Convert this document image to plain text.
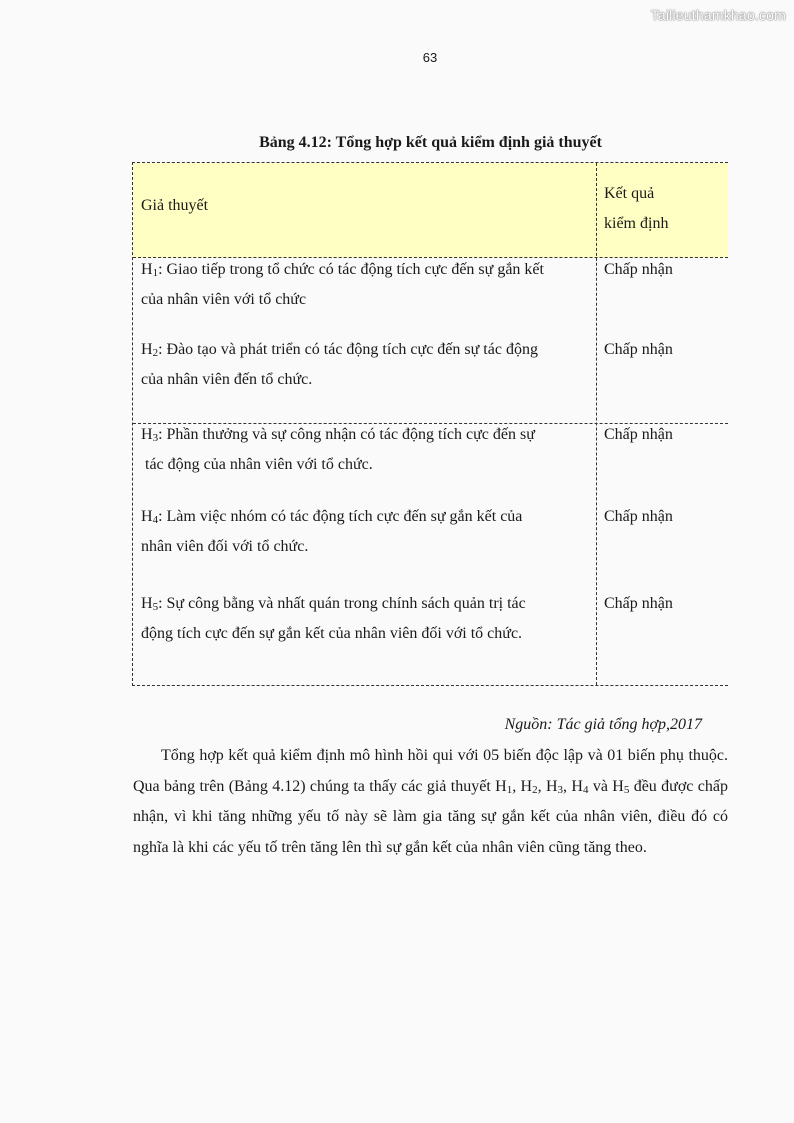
Tailieuthamkhao.com
63
Bảng 4.12: Tổng hợp kết quả kiểm định giả thuyết
Giả thuyết
Kết quả
kiểm định
$H_1$: Giao tiếp trong tổ chức có tác động tích cực đến sự gắn kết
của nhân viên với tổ chức
Chấp nhận
$H_2$: Đào tạo và phát triển có tác động tích cực đến sự tác động
của nhân viên đến tổ chức.
Chấp nhận
$H_3$: Phần thưởng và sự công nhận có tác động tích cực đến sự
tác động của nhân viên với tổ chức.
Chấp nhận
$H_4$: Làm việc nhóm có tác động tích cực đến sự gắn kết của
nhân viên đối với tổ chức.
Chấp nhận
$H_5$: Sự công bằng và nhất quán trong chính sách quản trị tác
động tích cực đến sự gắn kết của nhân viên đối với tổ chức.
Chấp nhận
Nguồn: Tác giả tổng hợp,2017

Tổng hợp kết quả kiểm định mô hình hồi qui với 05 biến độc lập và 01 biến phụ thuộc. Qua bảng trên (Bảng 4.12) chúng ta thấy các giả thuyết $H_1$, $H_2$, $H_3$, $H_4$ và $H_5$ đều được chấp nhận, vì khi tăng những yếu tố này sẽ làm gia tăng sự gắn kết của nhân viên, điều đó có nghĩa là khi các yếu tố trên tăng lên thì sự gắn kết của nhân viên cũng tăng theo.
